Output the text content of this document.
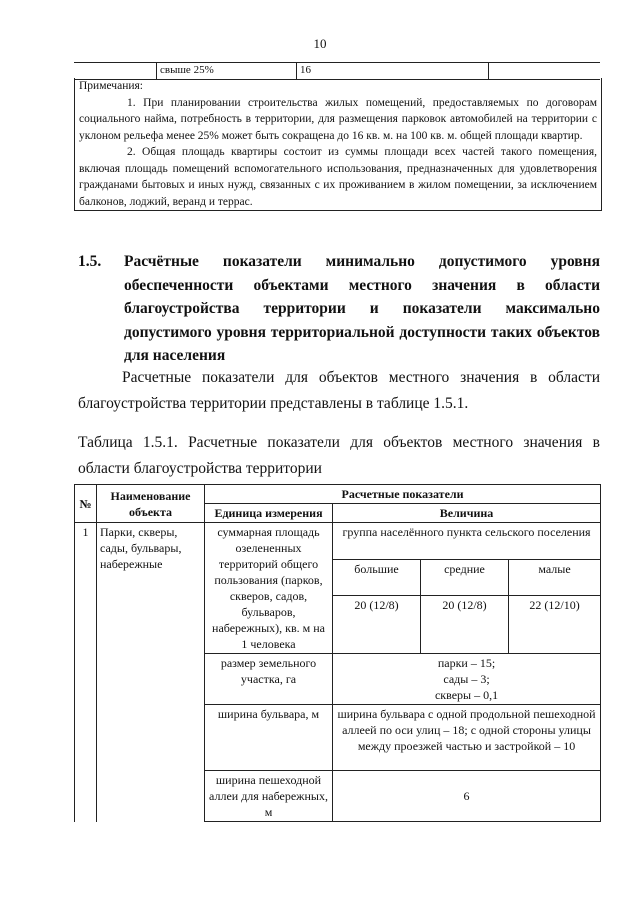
10
свыше 25%	16
Примечания:

1. При планировании строительства жилых помещений, предоставляемых по договорам социального найма, потребность в территории, для размещения парковок автомобилей на территории с уклоном рельефа менее 25% может быть сокращена до 16 кв. м. на 100 кв. м. общей площади квартир.

2. Общая площадь квартиры состоит из суммы площади всех частей такого помещения, включая площадь помещений вспомогательного использования, предназначенных для удовлетворения гражданами бытовых и иных нужд, связанных с их проживанием в жилом помещении, за исключением балконов, лоджий, веранд и террас.

1.5. Расчётные показатели минимально допустимого уровня обеспеченности объектами местного значения в области благоустройства территории и показатели максимально допустимого уровня территориальной доступности таких объектов для населения

Расчетные показатели для объектов местного значения в области благоустройства территории представлены в таблице 1.5.1.

Таблица 1.5.1. Расчетные показатели для объектов местного значения в области благоустройства территории
№	Наименование объекта	Расчетные показатели			
		Единица измерения	Величина		
1	Парки, скверы, сады, бульвары, набережные	суммарная площадь озелененных территорий общего пользования (парков, скверов, садов, бульваров, набережных), кв. м на 1 человека	группа населённого пункта сельского поселения		
			большие	средние	малые
			20 (12/8)	20 (12/8)	22 (12/10)
		размер земельного участка, га	парки – 15;
сады – 3;
скверы – 0,1		

		ширина бульвара, м	ширина бульвара с одной продольной пешеходной аллеей по оси улиц – 18; с одной стороны улицы между проезжей частью и застройкой – 10		
		ширина пешеходной аллеи для набережных, м	6		
